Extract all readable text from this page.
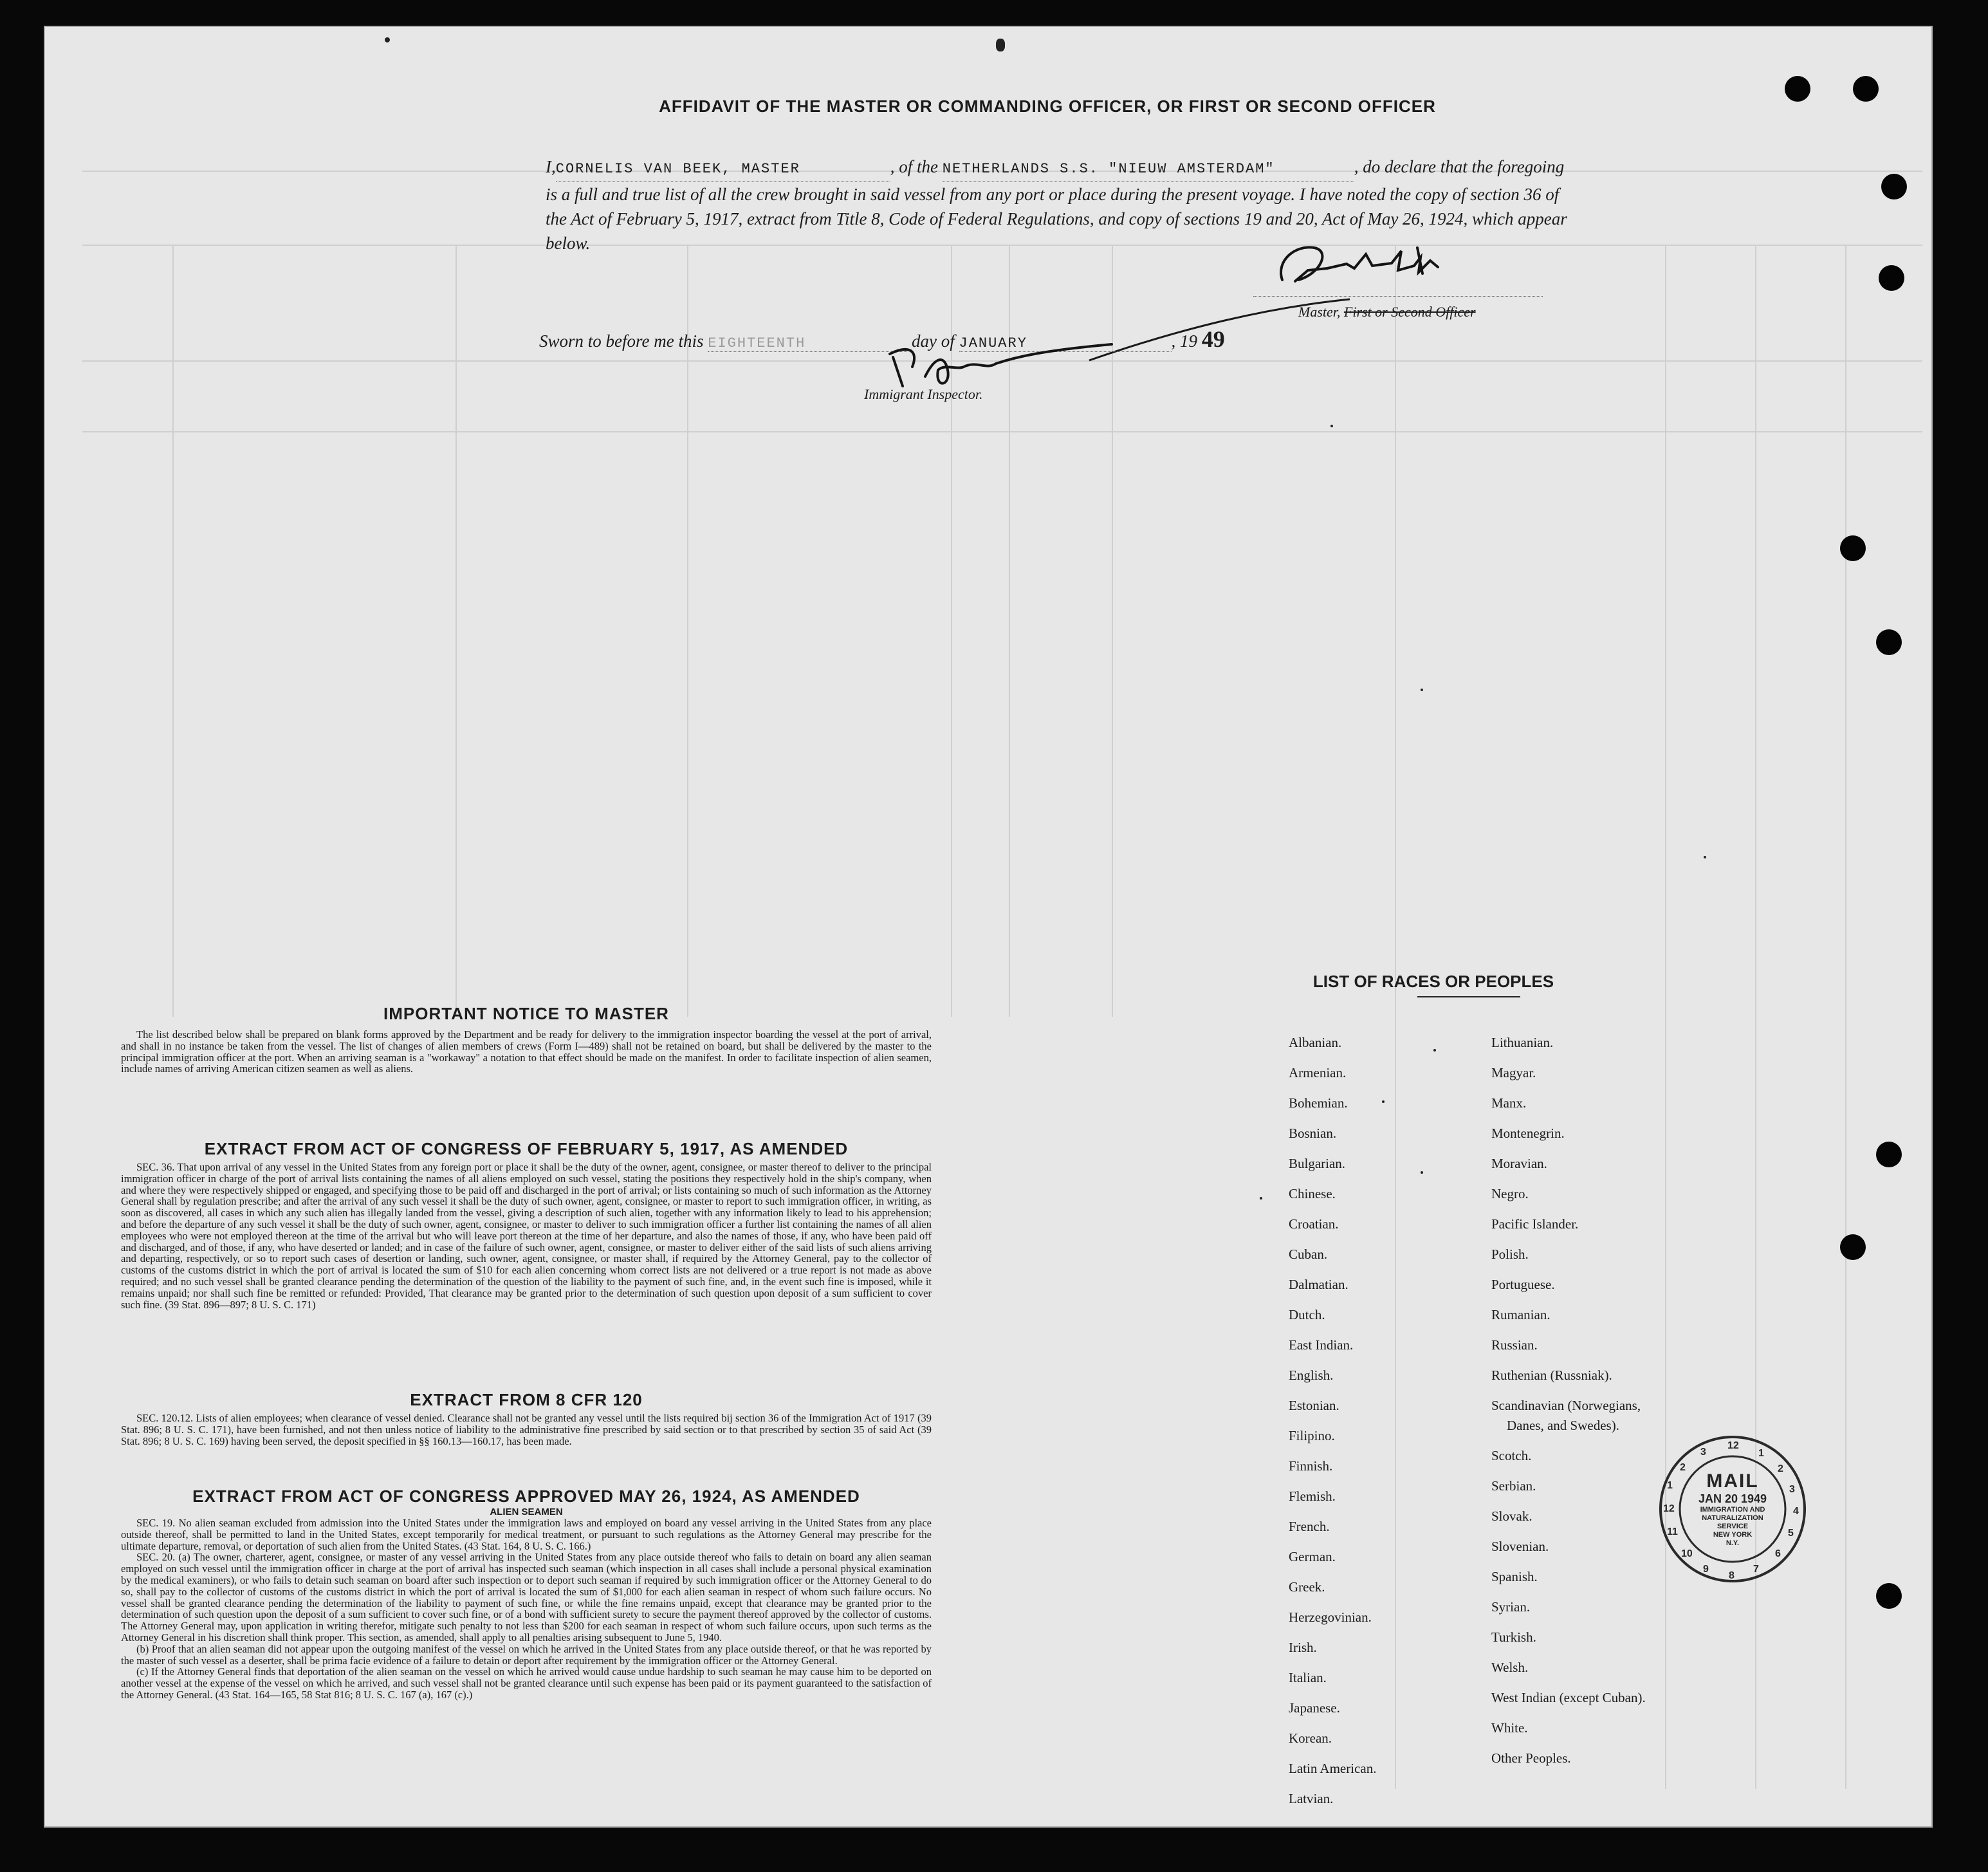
AFFIDAVIT OF THE MASTER OR COMMANDING OFFICER, OR FIRST OR SECOND OFFICER
I,CORNELIS VAN BEEK, MASTER	, of the NETHERLANDS S.S. "NIEUW AMSTERDAM"	, do declare that the foregoing is a full and true list of all the crew brought in said vessel from any port or place during the present voyage. I have noted the copy of section 36 of the Act of February 5, 1917, extract from Title 8, Code of Federal Regulations, and copy of sections 19 and 20, Act of May 26, 1924, which appear below.
Master, First or Second Officer
Sworn to before me this EIGHTEENTH	day of JANUARY	, 19 49
Immigrant Inspector.
IMPORTANT NOTICE TO MASTER

The list described below shall be prepared on blank forms approved by the Department and be ready for delivery to the immigration inspector boarding the vessel at the port of arrival, and shall in no instance be taken from the vessel. The list of changes of alien members of crews (Form I—489) shall not be retained on board, but shall be delivered by the master to the principal immigration officer at the port. When an arriving seaman is a "workaway" a notation to that effect should be made on the manifest. In order to facilitate inspection of alien seamen, include names of arriving American citizen seamen as well as aliens.

EXTRACT FROM ACT OF CONGRESS OF FEBRUARY 5, 1917, AS AMENDED

SEC. 36. That upon arrival of any vessel in the United States from any foreign port or place it shall be the duty of the owner, agent, consignee, or master thereof to deliver to the principal immigration officer in charge of the port of arrival lists containing the names of all aliens employed on such vessel, stating the positions they respectively hold in the ship's company, when and where they were respectively shipped or engaged, and specifying those to be paid off and discharged in the port of arrival; or lists containing so much of such information as the Attorney General shall by regulation prescribe; and after the arrival of any such vessel it shall be the duty of such owner, agent, consignee, or master to report to such immigration officer, in writing, as soon as discovered, all cases in which any such alien has illegally landed from the vessel, giving a description of such alien, together with any information likely to lead to his apprehension; and before the departure of any such vessel it shall be the duty of such owner, agent, consignee, or master to deliver to such immigration officer a further list containing the names of all alien employees who were not employed thereon at the time of the arrival but who will leave port thereon at the time of her departure, and also the names of those, if any, who have been paid off and discharged, and of those, if any, who have deserted or landed; and in case of the failure of such owner, agent, consignee, or master to deliver either of the said lists of such aliens arriving and departing, respectively, or so to report such cases of desertion or landing, such owner, agent, consignee, or master shall, if required by the Attorney General, pay to the collector of customs of the customs district in which the port of arrival is located the sum of $10 for each alien concerning whom correct lists are not delivered or a true report is not made as above required; and no such vessel shall be granted clearance pending the determination of the question of the liability to the payment of such fine, and, in the event such fine is imposed, while it remains unpaid; nor shall such fine be remitted or refunded: Provided, That clearance may be granted prior to the determination of such question upon deposit of a sum sufficient to cover such fine. (39 Stat. 896—897; 8 U. S. C. 171)

EXTRACT FROM 8 CFR 120

SEC. 120.12. Lists of alien employees; when clearance of vessel denied. Clearance shall not be granted any vessel until the lists required bij section 36 of the Immigration Act of 1917 (39 Stat. 896; 8 U. S. C. 171), have been furnished, and not then unless notice of liability to the administrative fine prescribed by said section or to that prescribed by section 35 of said Act (39 Stat. 896; 8 U. S. C. 169) having been served, the deposit specified in §§ 160.13—160.17, has been made.

EXTRACT FROM ACT OF CONGRESS APPROVED MAY 26, 1924, AS AMENDED
ALIEN SEAMEN

SEC. 19. No alien seaman excluded from admission into the United States under the immigration laws and employed on board any vessel arriving in the United States from any place outside thereof, shall be permitted to land in the United States, except temporarily for medical treatment, or pursuant to such regulations as the Attorney General may prescribe for the ultimate departure, removal, or deportation of such alien from the United States. (43 Stat. 164, 8 U. S. C. 166.)

SEC. 20. (a) The owner, charterer, agent, consignee, or master of any vessel arriving in the United States from any place outside thereof who fails to detain on board any alien seaman employed on such vessel until the immigration officer in charge at the port of arrival has inspected such seaman (which inspection in all cases shall include a personal physical examination by the medical examiners), or who fails to detain such seaman on board after such inspection or to deport such seaman if required by such immigration officer or the Attorney General to do so, shall pay to the collector of customs of the customs district in which the port of arrival is located the sum of $1,000 for each alien seaman in respect of whom such failure occurs. No vessel shall be granted clearance pending the determination of the liability to payment of such fine, or while the fine remains unpaid, except that clearance may be granted prior to the determination of such question upon the deposit of a sum sufficient to cover such fine, or of a bond with sufficient surety to secure the payment thereof approved by the collector of customs. The Attorney General may, upon application in writing therefor, mitigate such penalty to not less than $200 for each seaman in respect of whom such failure occurs, upon such terms as the Attorney General in his discretion shall think proper. This section, as amended, shall apply to all penalties arising subsequent to June 5, 1940.

(b) Proof that an alien seaman did not appear upon the outgoing manifest of the vessel on which he arrived in the United States from any place outside thereof, or that he was reported by the master of such vessel as a deserter, shall be prima facie evidence of a failure to detain or deport after requirement by the immigration officer or the Attorney General.

(c) If the Attorney General finds that deportation of the alien seaman on the vessel on which he arrived would cause undue hardship to such seaman he may cause him to be deported on another vessel at the expense of the vessel on which he arrived, and such vessel shall not be granted clearance until such expense has been paid or its payment guaranteed to the satisfaction of the Attorney General. (43 Stat. 164—165, 58 Stat 816; 8 U. S. C. 167 (a), 167 (c).)

LIST OF RACES OR PEOPLES
Albanian.
Armenian.
Bohemian.
Bosnian.
Bulgarian.
Chinese.
Croatian.
Cuban.
Dalmatian.
Dutch.
East Indian.
English.
Estonian.
Filipino.
Finnish.
Flemish.
French.
German.
Greek.
Herzegovinian.
Irish.
Italian.
Japanese.
Korean.
Latin American.
Latvian.
Lithuanian.
Magyar.
Manx.
Montenegrin.
Moravian.
Negro.
Pacific Islander.
Polish.
Portuguese.
Rumanian.
Russian.
Ruthenian (Russniak).
Scandinavian (Norwegians,
Danes, and Swedes).
Scotch.
Serbian.
Slovak.
Slovenian.
Spanish.
Syrian.
Turkish.
Welsh.
West Indian (except Cuban).
White.
Other Peoples.
12
1
2
3
4
5
6
7
8
9
10
11
12
1
2
3
MAIL
JAN 20 1949
IMMIGRATION AND
NATURALIZATION
SERVICE
NEW YORK
N.Y.
